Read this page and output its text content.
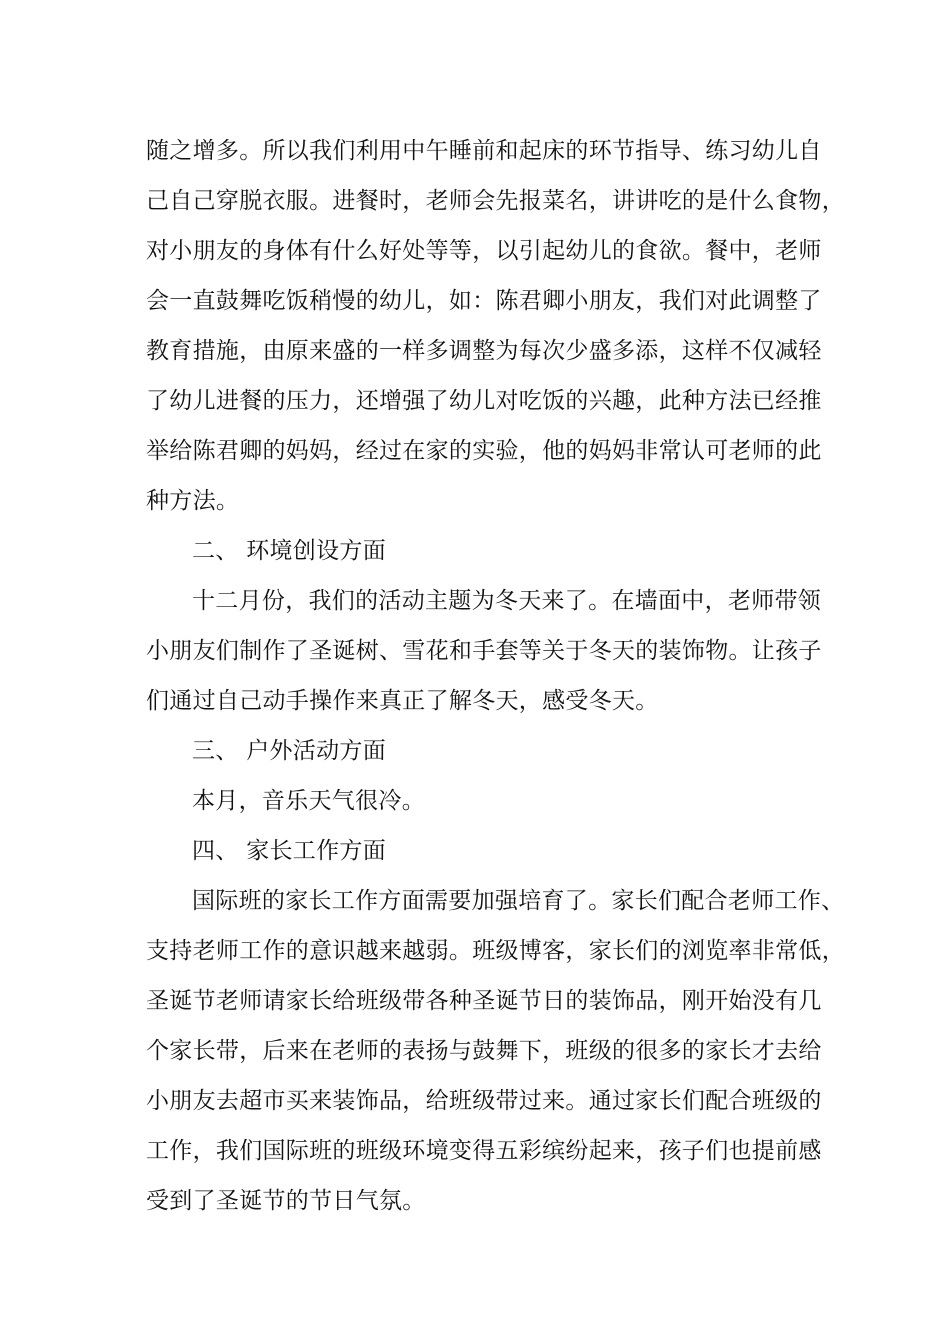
随之增多。所以我们利用中午睡前和起床的环节指导、练习幼儿自
己自己穿脱衣服。进餐时，老师会先报菜名，讲讲吃的是什么食物，
对小朋友的身体有什么好处等等，以引起幼儿的食欲。餐中，老师
会一直鼓舞吃饭稍慢的幼儿，如：陈君卿小朋友，我们对此调整了
教育措施，由原来盛的一样多调整为每次少盛多添，这样不仅减轻
了幼儿进餐的压力，还增强了幼儿对吃饭的兴趣，此种方法已经推
举给陈君卿的妈妈，经过在家的实验，他的妈妈非常认可老师的此
种方法。
二、 环境创设方面
十二月份，我们的活动主题为冬天来了。在墙面中，老师带领
小朋友们制作了圣诞树、雪花和手套等关于冬天的装饰物。让孩子
们通过自己动手操作来真正了解冬天，感受冬天。
三、 户外活动方面
本月，音乐天气很冷。
四、 家长工作方面
国际班的家长工作方面需要加强培育了。家长们配合老师工作、
支持老师工作的意识越来越弱。班级博客，家长们的浏览率非常低，
圣诞节老师请家长给班级带各种圣诞节日的装饰品，刚开始没有几
个家长带，后来在老师的表扬与鼓舞下，班级的很多的家长才去给
小朋友去超市买来装饰品，给班级带过来。通过家长们配合班级的
工作，我们国际班的班级环境变得五彩缤纷起来，孩子们也提前感
受到了圣诞节的节日气氛。
